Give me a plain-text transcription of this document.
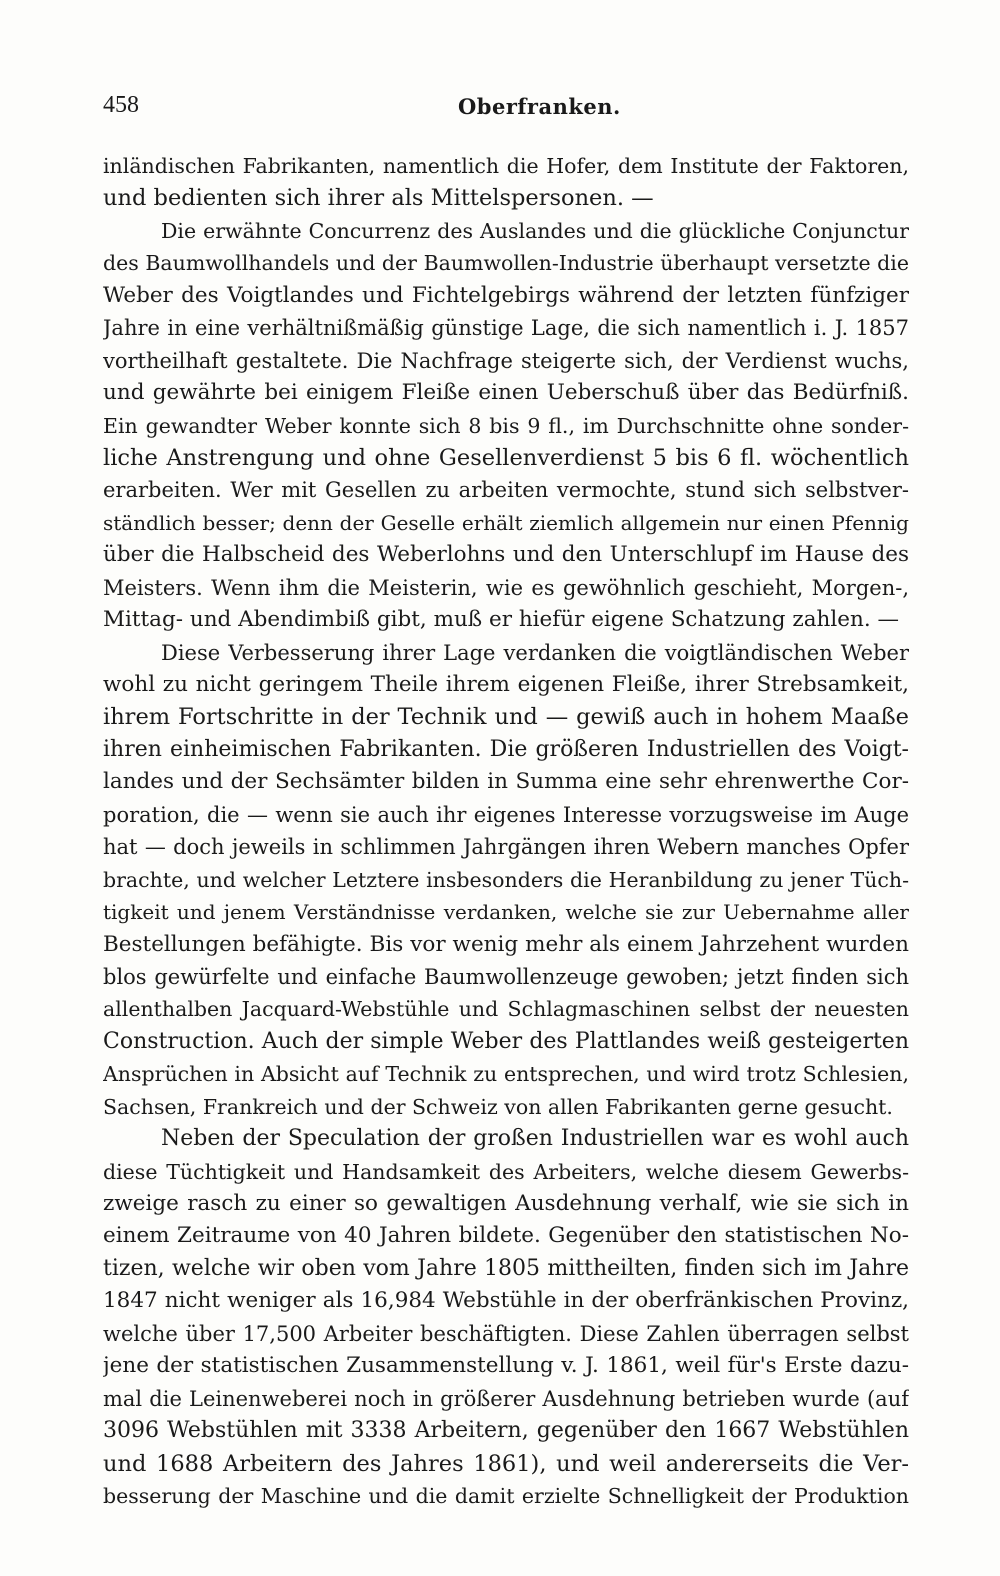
458	Oberfranken.
inländischen Fabrikanten, namentlich die Hofer, dem Institute der Faktoren,
und bedienten sich ihrer als Mittelspersonen. —
Die erwähnte Concurrenz des Auslandes und die glückliche Conjunctur
des Baumwollhandels und der Baumwollen-Industrie überhaupt versetzte die
Weber des Voigtlandes und Fichtelgebirgs während der letzten fünfziger
Jahre in eine verhältnißmäßig günstige Lage, die sich namentlich i. J. 1857
vortheilhaft gestaltete. Die Nachfrage steigerte sich, der Verdienst wuchs,
und gewährte bei einigem Fleiße einen Ueberschuß über das Bedürfniß.
Ein gewandter Weber konnte sich 8 bis 9 fl., im Durchschnitte ohne sonder-
liche Anstrengung und ohne Gesellenverdienst 5 bis 6 fl. wöchentlich
erarbeiten. Wer mit Gesellen zu arbeiten vermochte, stund sich selbstver-
ständlich besser; denn der Geselle erhält ziemlich allgemein nur einen Pfennig
über die Halbscheid des Weberlohns und den Unterschlupf im Hause des
Meisters. Wenn ihm die Meisterin, wie es gewöhnlich geschieht, Morgen-,
Mittag- und Abendimbiß gibt, muß er hiefür eigene Schatzung zahlen. —
Diese Verbesserung ihrer Lage verdanken die voigtländischen Weber
wohl zu nicht geringem Theile ihrem eigenen Fleiße, ihrer Strebsamkeit,
ihrem Fortschritte in der Technik und — gewiß auch in hohem Maaße
ihren einheimischen Fabrikanten. Die größeren Industriellen des Voigt-
landes und der Sechsämter bilden in Summa eine sehr ehrenwerthe Cor-
poration, die — wenn sie auch ihr eigenes Interesse vorzugsweise im Auge
hat — doch jeweils in schlimmen Jahrgängen ihren Webern manches Opfer
brachte, und welcher Letztere insbesonders die Heranbildung zu jener Tüch-
tigkeit und jenem Verständnisse verdanken, welche sie zur Uebernahme aller
Bestellungen befähigte. Bis vor wenig mehr als einem Jahrzehent wurden
blos gewürfelte und einfache Baumwollenzeuge gewoben; jetzt finden sich
allenthalben Jacquard-Webstühle und Schlagmaschinen selbst der neuesten
Construction. Auch der simple Weber des Plattlandes weiß gesteigerten
Ansprüchen in Absicht auf Technik zu entsprechen, und wird trotz Schlesien,
Sachsen, Frankreich und der Schweiz von allen Fabrikanten gerne gesucht.
Neben der Speculation der großen Industriellen war es wohl auch
diese Tüchtigkeit und Handsamkeit des Arbeiters, welche diesem Gewerbs-
zweige rasch zu einer so gewaltigen Ausdehnung verhalf, wie sie sich in
einem Zeitraume von 40 Jahren bildete. Gegenüber den statistischen No-
tizen, welche wir oben vom Jahre 1805 mittheilten, finden sich im Jahre
1847 nicht weniger als 16,984 Webstühle in der oberfränkischen Provinz,
welche über 17,500 Arbeiter beschäftigten. Diese Zahlen überragen selbst
jene der statistischen Zusammenstellung v. J. 1861, weil für's Erste dazu-
mal die Leinenweberei noch in größerer Ausdehnung betrieben wurde (auf
3096 Webstühlen mit 3338 Arbeitern, gegenüber den 1667 Webstühlen
und 1688 Arbeitern des Jahres 1861), und weil andererseits die Ver-
besserung der Maschine und die damit erzielte Schnelligkeit der Produktion
